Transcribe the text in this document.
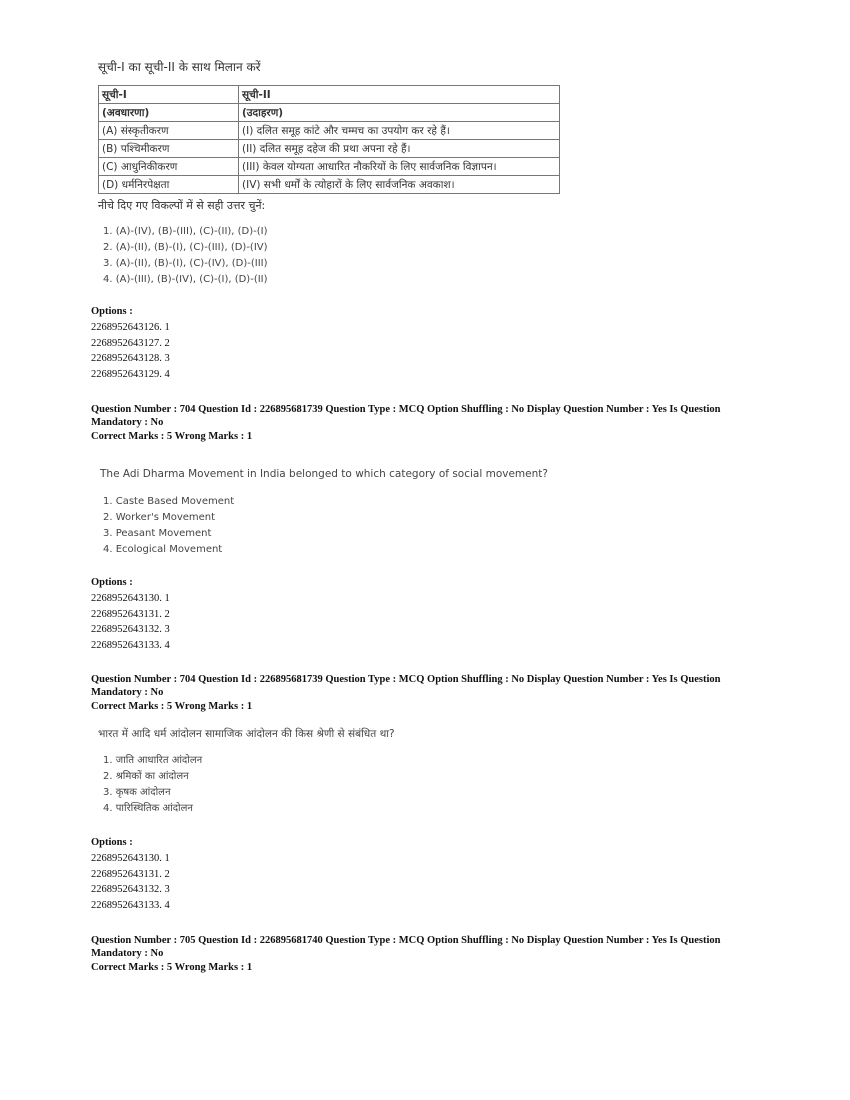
सूची-I का सूची-II के साथ मिलान करें
सूची-I	सूची-II
(अवधारणा)	(उदाहरण)
(A) संस्कृतीकरण	(I) दलित समूह कांटे और चम्मच का उपयोग कर रहे हैं।
(B) पश्चिमीकरण	(II) दलित समूह दहेज की प्रथा अपना रहे हैं।
(C) आधुनिकीकरण	(III) केवल योग्यता आधारित नौकरियों के लिए सार्वजनिक विज्ञापन।
(D) धर्मनिरपेक्षता	(IV) सभी धर्मों के त्योहारों के लिए सार्वजनिक अवकाश।
नीचे दिए गए विकल्पों में से सही उत्तर चुनें:
1. (A)-(IV), (B)-(III), (C)-(II), (D)-(I)
2. (A)-(II), (B)-(I), (C)-(III), (D)-(IV)
3. (A)-(II), (B)-(I), (C)-(IV), (D)-(III)
4. (A)-(III), (B)-(IV), (C)-(I), (D)-(II)
Options :
2268952643126. 1
2268952643127. 2
2268952643128. 3
2268952643129. 4
Question Number : 704 Question Id : 226895681739 Question Type : MCQ Option Shuffling : No Display Question Number : Yes Is Question Mandatory : No
Correct Marks : 5 Wrong Marks : 1
The Adi Dharma Movement in India belonged to which category of social movement?
1. Caste Based Movement
2. Worker's Movement
3. Peasant Movement
4. Ecological Movement
Options :
2268952643130. 1
2268952643131. 2
2268952643132. 3
2268952643133. 4
Question Number : 704 Question Id : 226895681739 Question Type : MCQ Option Shuffling : No Display Question Number : Yes Is Question Mandatory : No
Correct Marks : 5 Wrong Marks : 1
भारत में आदि धर्म आंदोलन सामाजिक आंदोलन की किस श्रेणी से संबंधित था?
1. जाति आधारित आंदोलन
2. श्रमिकों का आंदोलन
3. कृषक आंदोलन
4. पारिस्थितिक आंदोलन
Options :
2268952643130. 1
2268952643131. 2
2268952643132. 3
2268952643133. 4
Question Number : 705 Question Id : 226895681740 Question Type : MCQ Option Shuffling : No Display Question Number : Yes Is Question Mandatory : No
Correct Marks : 5 Wrong Marks : 1
